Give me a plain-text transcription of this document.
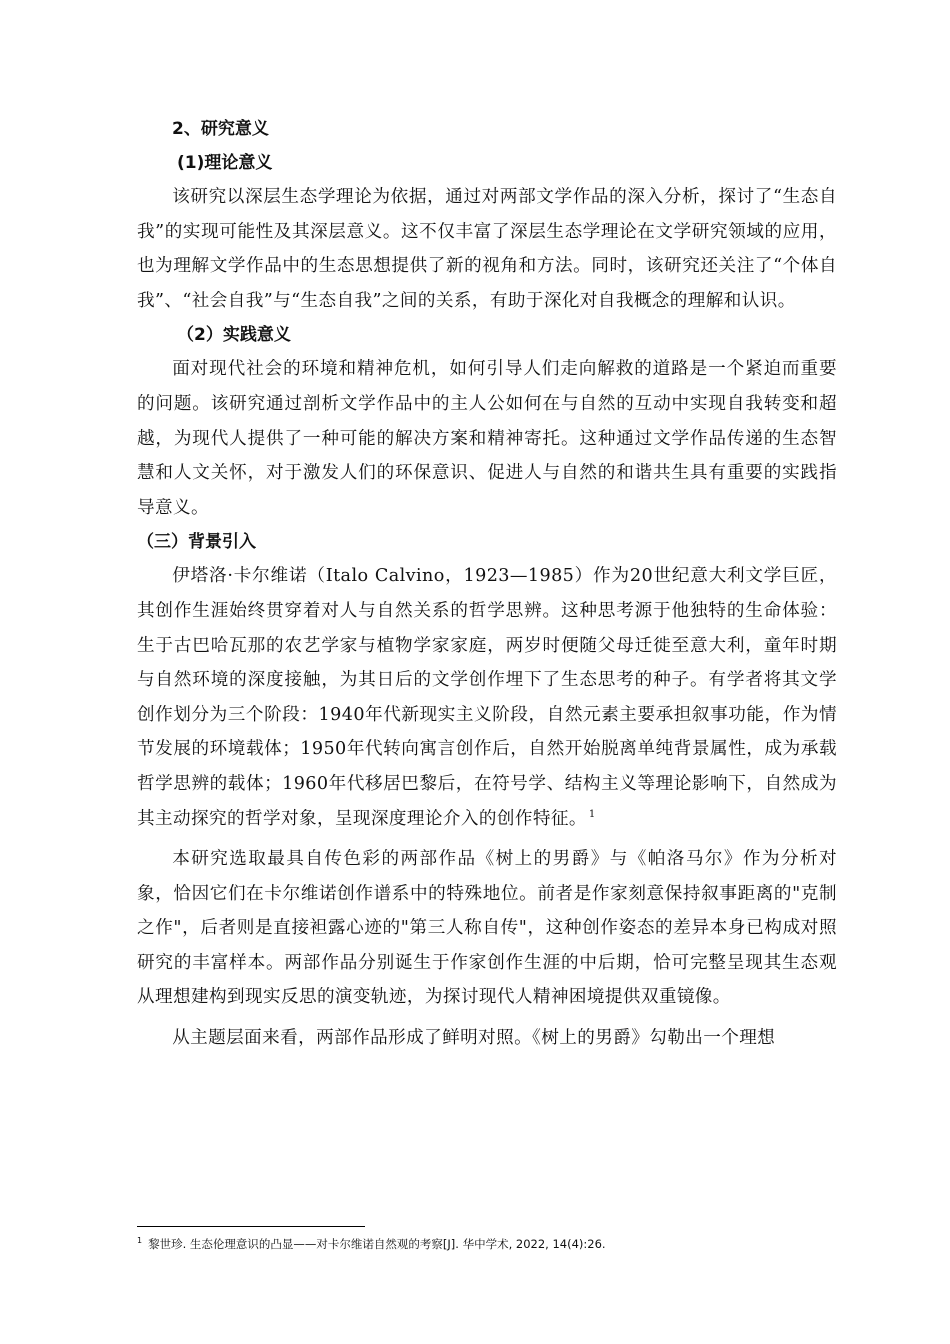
2、研究意义
(1)理论意义

该研究以深层生态学理论为依据，通过对两部文学作品的深入分析，探讨了“生态自我”的实现可能性及其深层意义。这不仅丰富了深层生态学理论在文学研究领域的应用，也为理解文学作品中的生态思想提供了新的视角和方法。同时，该研究还关注了“个体自我”、“社会自我”与“生态自我”之间的关系，有助于深化对自我概念的理解和认识。

（2）实践意义

面对现代社会的环境和精神危机，如何引导人们走向解救的道路是一个紧迫而重要的问题。该研究通过剖析文学作品中的主人公如何在与自然的互动中实现自我转变和超越，为现代人提供了一种可能的解决方案和精神寄托。这种通过文学作品传递的生态智慧和人文关怀，对于激发人们的环保意识、促进人与自然的和谐共生具有重要的实践指导意义。

（三）背景引入

伊塔洛·卡尔维诺（Italo Calvino，1923—1985）作为20世纪意大利文学巨匠，其创作生涯始终贯穿着对人与自然关系的哲学思辨。这种思考源于他独特的生命体验：生于古巴哈瓦那的农艺学家与植物学家家庭，两岁时便随父母迁徙至意大利，童年时期与自然环境的深度接触，为其日后的文学创作埋下了生态思考的种子。有学者将其文学创作划分为三个阶段：1940年代新现实主义阶段，自然元素主要承担叙事功能，作为情节发展的环境载体；1950年代转向寓言创作后，自然开始脱离单纯背景属性，成为承载哲学思辨的载体；1960年代移居巴黎后，在符号学、结构主义等理论影响下，自然成为其主动探究的哲学对象，呈现深度理论介入的创作特征。 $^1$

本研究选取最具自传色彩的两部作品《树上的男爵》与《帕洛马尔》作为分析对象，恰因它们在卡尔维诺创作谱系中的特殊地位。前者是作家刻意保持叙事距离的"克制之作"，后者则是直接袒露心迹的"第三人称自传"，这种创作姿态的差异本身已构成对照研究的丰富样本。两部作品分别诞生于作家创作生涯的中后期，恰可完整呈现其生态观从理想建构到现实反思的演变轨迹，为探讨现代人精神困境提供双重镜像。

从主题层面来看，两部作品形成了鲜明对照。《树上的男爵》勾勒出一个理想

$^1$ 黎世珍. 生态伦理意识的凸显——对卡尔维诺自然观的考察[J]. 华中学术, 2022, 14(4):26.
